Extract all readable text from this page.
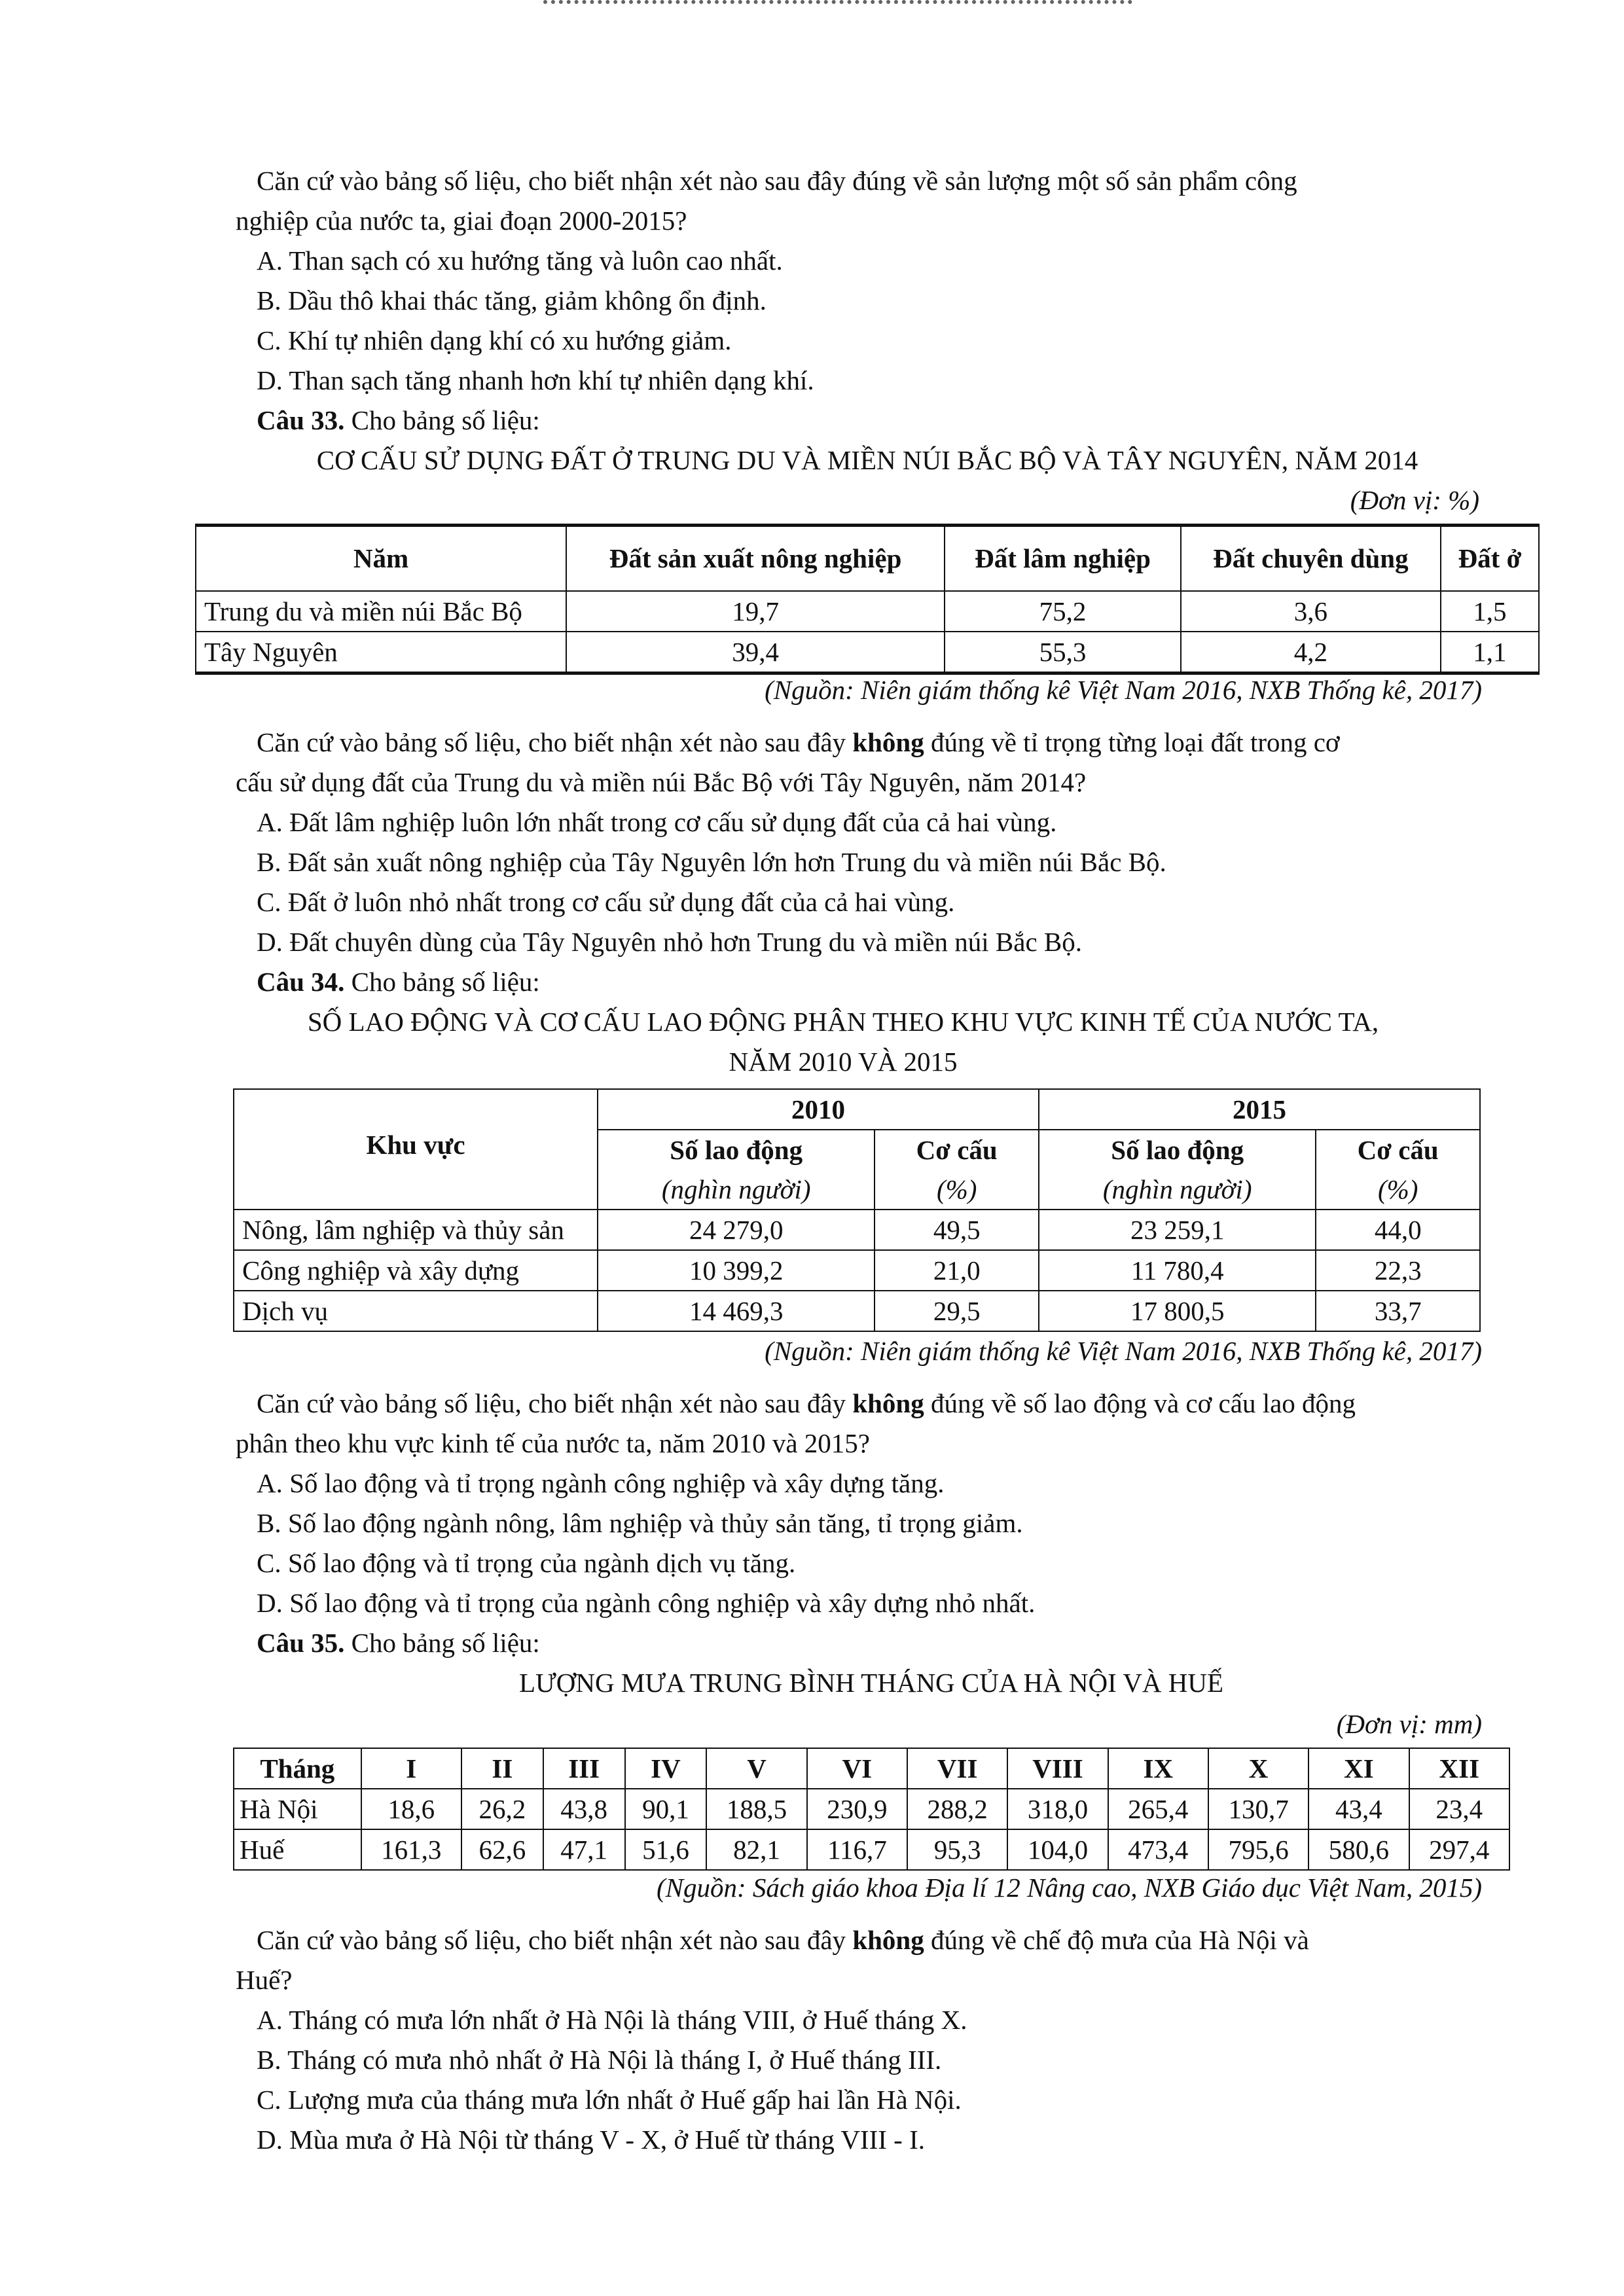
Căn cứ vào bảng số liệu, cho biết nhận xét nào sau đây đúng về sản lượng một số sản phẩm công
nghiệp của nước ta, giai đoạn 2000-2015?
A. Than sạch có xu hướng tăng và luôn cao nhất.
B. Dầu thô khai thác tăng, giảm không ổn định.
C. Khí tự nhiên dạng khí có xu hướng giảm.
D. Than sạch tăng nhanh hơn khí tự nhiên dạng khí.
Câu 33. Cho bảng số liệu:
CƠ CẤU SỬ DỤNG ĐẤT Ở TRUNG DU VÀ MIỀN NÚI BẮC BỘ VÀ TÂY NGUYÊN, NĂM 2014
(Đơn vị: %)
Năm	Đất sản xuất nông nghiệp	Đất lâm nghiệp	Đất chuyên dùng	Đất ở
Trung du và miền núi Bắc Bộ	19,7	75,2	3,6	1,5
Tây Nguyên	39,4	55,3	4,2	1,1
(Nguồn: Niên giám thống kê Việt Nam 2016, NXB Thống kê, 2017)
Căn cứ vào bảng số liệu, cho biết nhận xét nào sau đây không đúng về tỉ trọng từng loại đất trong cơ
cấu sử dụng đất của Trung du và miền núi Bắc Bộ với Tây Nguyên, năm 2014?
A. Đất lâm nghiệp luôn lớn nhất trong cơ cấu sử dụng đất của cả hai vùng.
B. Đất sản xuất nông nghiệp của Tây Nguyên lớn hơn Trung du và miền núi Bắc Bộ.
C. Đất ở luôn nhỏ nhất trong cơ cấu sử dụng đất của cả hai vùng.
D. Đất chuyên dùng của Tây Nguyên nhỏ hơn Trung du và miền núi Bắc Bộ.
Câu 34. Cho bảng số liệu:
SỐ LAO ĐỘNG VÀ CƠ CẤU LAO ĐỘNG PHÂN THEO KHU VỰC KINH TẾ CỦA NƯỚC TA,
NĂM 2010 VÀ 2015
Khu vực	2010		2015	
	Số lao động	Cơ cấu	Số lao động	Cơ cấu
	(nghìn người)	(%)	(nghìn người)	(%)
Nông, lâm nghiệp và thủy sản	24 279,0	49,5	23 259,1	44,0
Công nghiệp và xây dựng	10 399,2	21,0	11 780,4	22,3
Dịch vụ	14 469,3	29,5	17 800,5	33,7
(Nguồn: Niên giám thống kê Việt Nam 2016, NXB Thống kê, 2017)
Căn cứ vào bảng số liệu, cho biết nhận xét nào sau đây không đúng về số lao động và cơ cấu lao động
phân theo khu vực kinh tế của nước ta, năm 2010 và 2015?
A. Số lao động và tỉ trọng ngành công nghiệp và xây dựng tăng.
B. Số lao động ngành nông, lâm nghiệp và thủy sản tăng, tỉ trọng giảm.
C. Số lao động và tỉ trọng của ngành dịch vụ tăng.
D. Số lao động và tỉ trọng của ngành công nghiệp và xây dựng nhỏ nhất.
Câu 35. Cho bảng số liệu:
LƯỢNG MƯA TRUNG BÌNH THÁNG CỦA HÀ NỘI VÀ HUẾ
(Đơn vị: mm)
Tháng	I	II	III	IV	V	VI	VII	VIII	IX	X	XI	XII
Hà Nội	18,6	26,2	43,8	90,1	188,5	230,9	288,2	318,0	265,4	130,7	43,4	23,4
Huế	161,3	62,6	47,1	51,6	82,1	116,7	95,3	104,0	473,4	795,6	580,6	297,4
(Nguồn: Sách giáo khoa Địa lí 12 Nâng cao, NXB Giáo dục Việt Nam, 2015)
Căn cứ vào bảng số liệu, cho biết nhận xét nào sau đây không đúng về chế độ mưa của Hà Nội và
Huế?
A. Tháng có mưa lớn nhất ở Hà Nội là tháng VIII, ở Huế tháng X.
B. Tháng có mưa nhỏ nhất ở Hà Nội là tháng I, ở Huế tháng III.
C. Lượng mưa của tháng mưa lớn nhất ở Huế gấp hai lần Hà Nội.
D. Mùa mưa ở Hà Nội từ tháng V - X, ở Huế từ tháng VIII - I.
